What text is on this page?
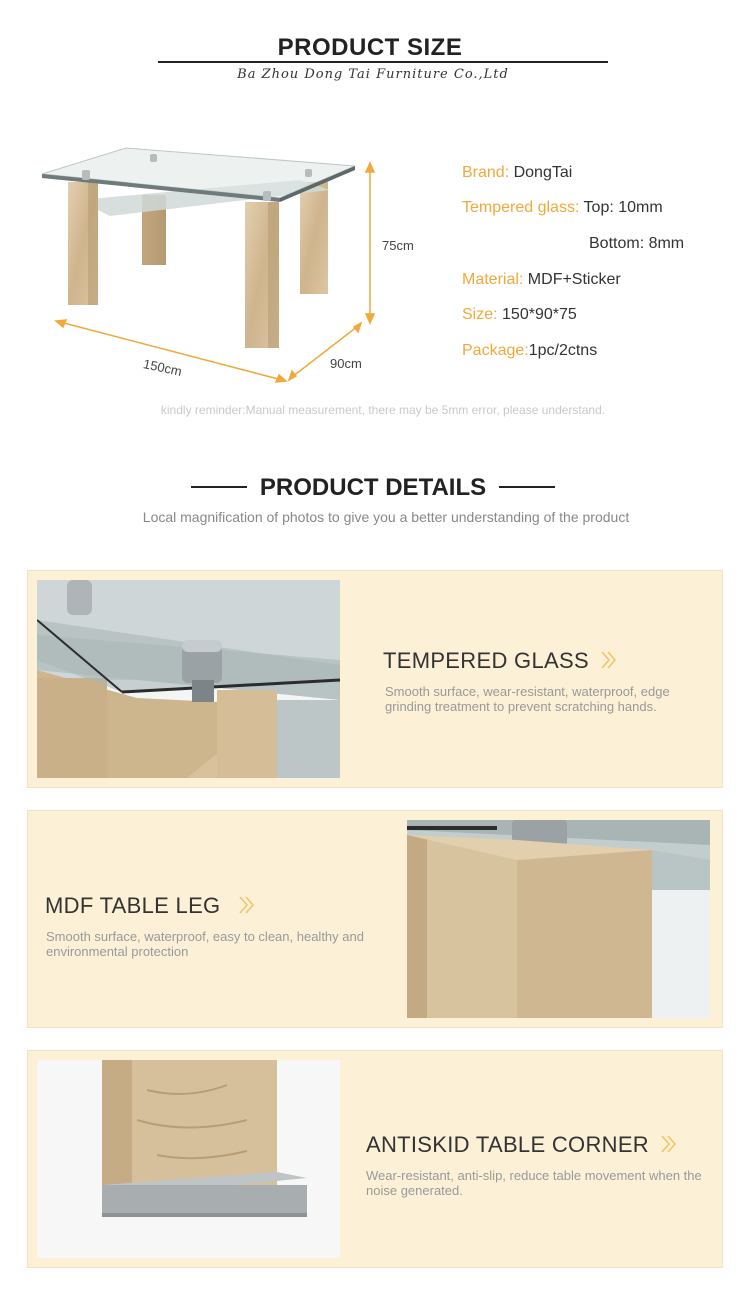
PRODUCT SIZE
Ba Zhou Dong Tai Furniture Co.,Ltd
75cm
150cm	90cm
Brand: DongTai
Tempered glass: Top: 10mm
Bottom: 8mm
Material: MDF+Sticker
Size: 150*90*75
Package:1pc/2ctns
kindly reminder:Manual measurement, there may be 5mm error, please understand.
PRODUCT DETAILS
Local magnification of photos to give you a better understanding of the product
TEMPERED GLASS
Smooth surface, wear-resistant, waterproof, edge grinding treatment to prevent scratching hands.
MDF TABLE LEG
Smooth surface, waterproof, easy to clean, healthy and environmental protection
ANTISKID TABLE CORNER
Wear-resistant, anti-slip, reduce table movement when the noise generated.
